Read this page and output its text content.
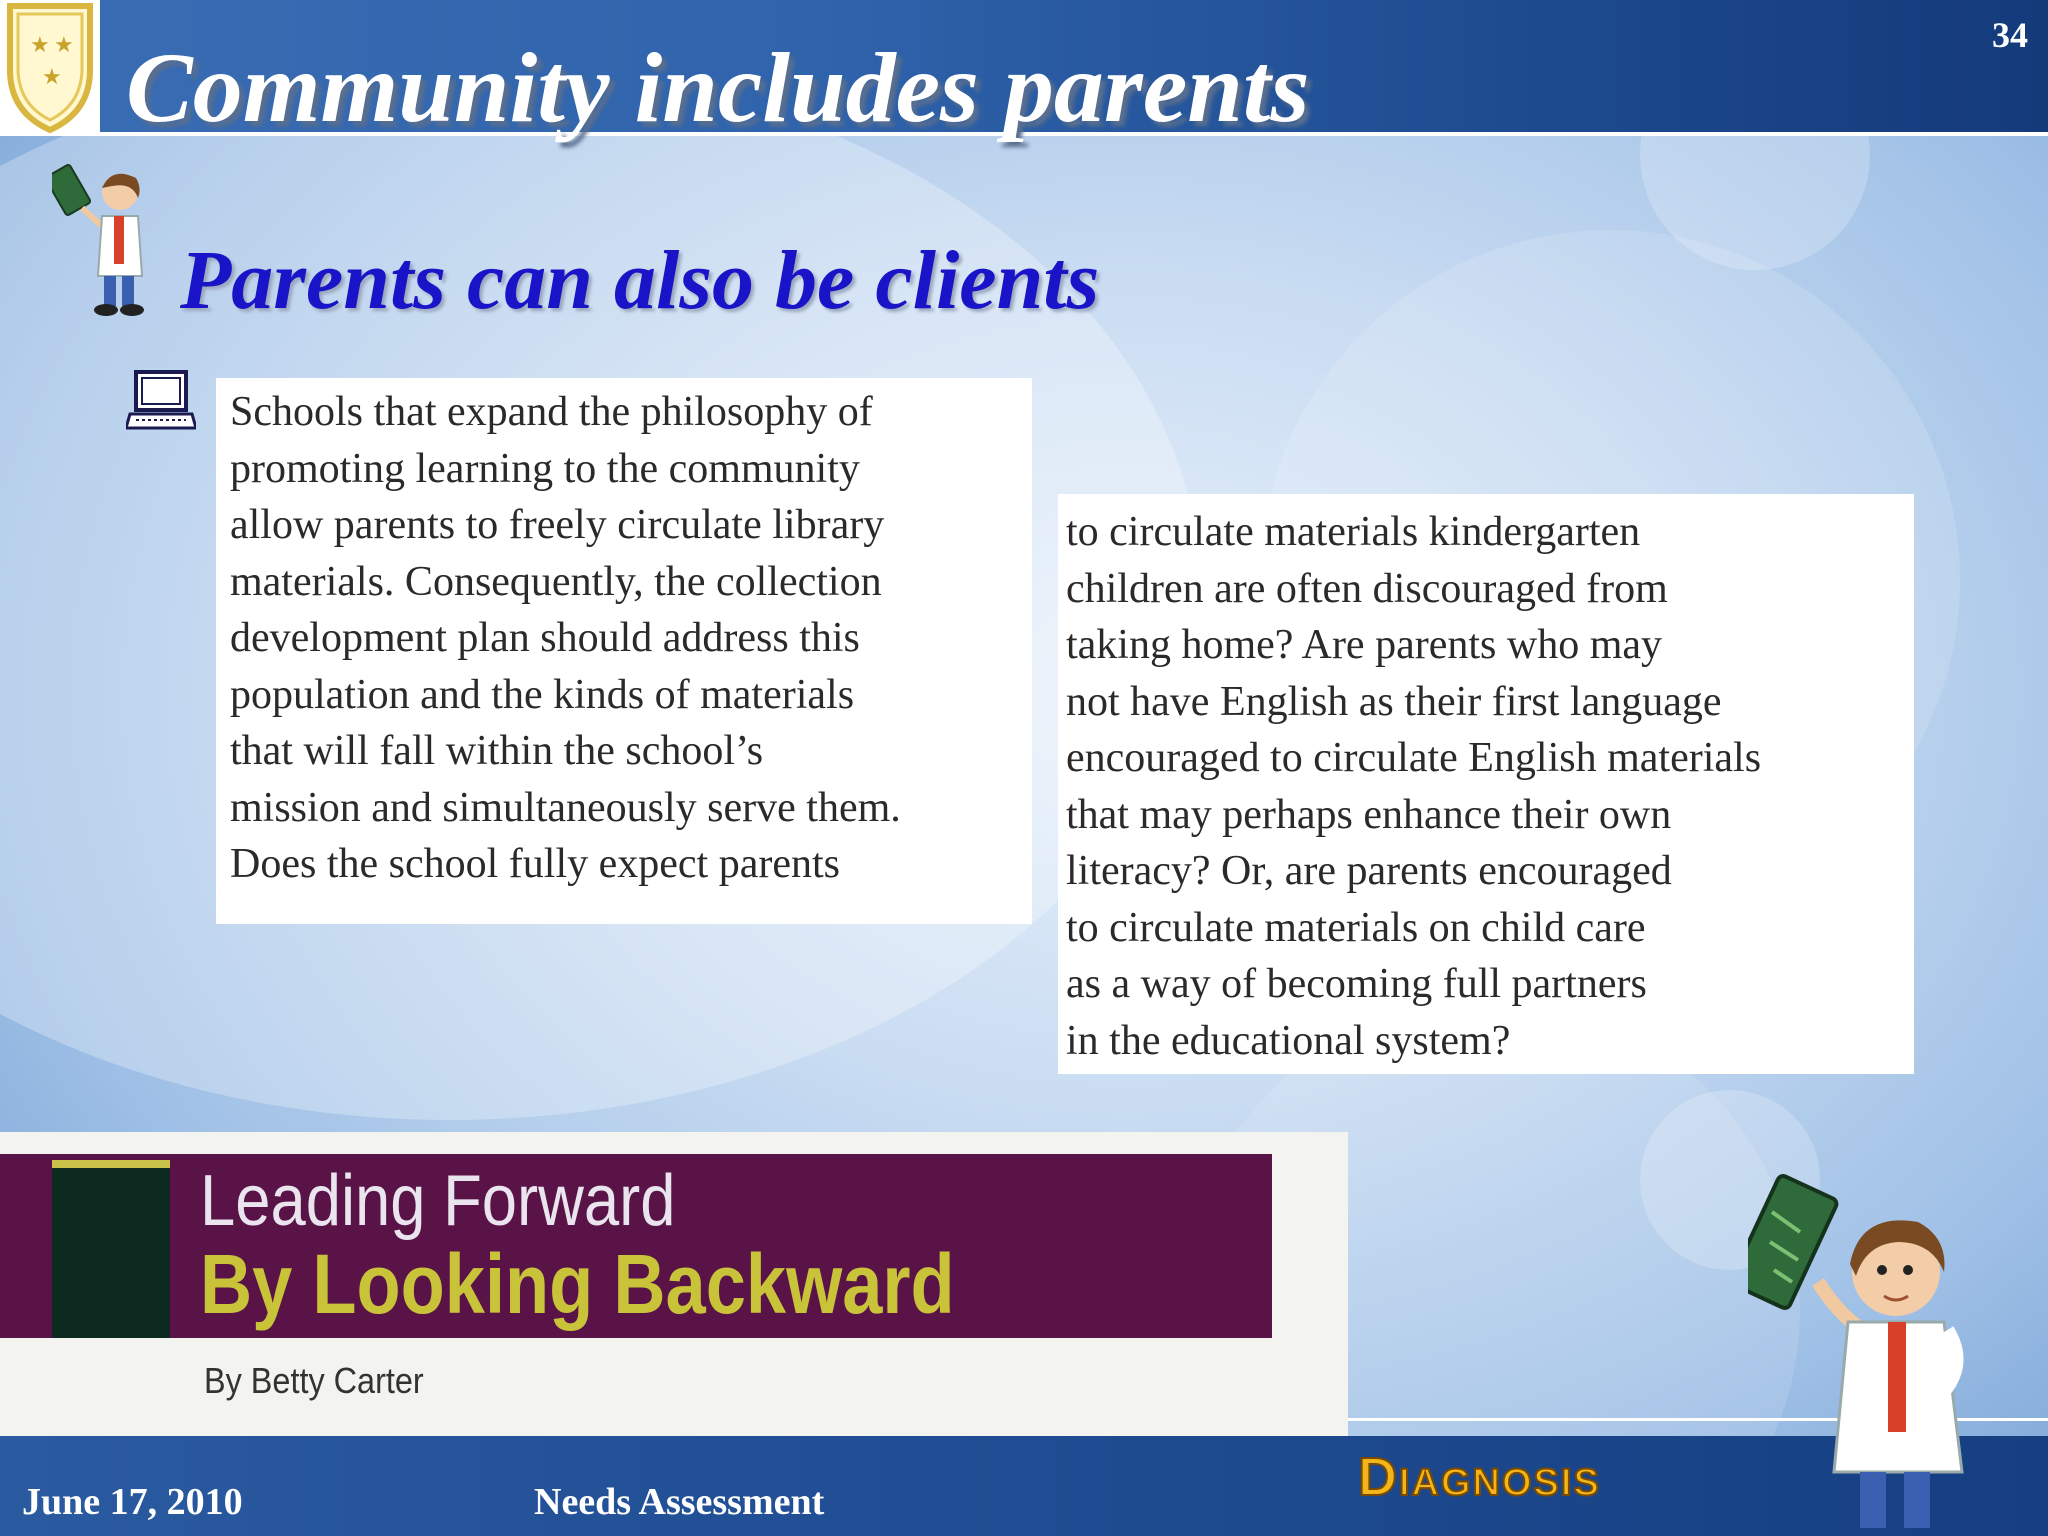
★ ★
★ Community includes parents	34
Parents can also be clients
Schools that expand the philosophy of
promoting learning to the community
allow parents to freely circulate library
materials. Consequently, the collection
development plan should address this
population and the kinds of materials
that will fall within the school’s
mission and simultaneously serve them.
Does the school fully expect parents
to circulate materials kindergarten
children are often discouraged from
taking home? Are parents who may
not have English as their first language
encouraged to circulate English materials
that may perhaps enhance their own
literacy? Or, are parents encouraged
to circulate materials on child care
as a way of becoming full partners
in the educational system?
Leading Forward
By Looking Backward
By Betty Carter
June 17, 2010	Needs Assessment	Diagnosis
